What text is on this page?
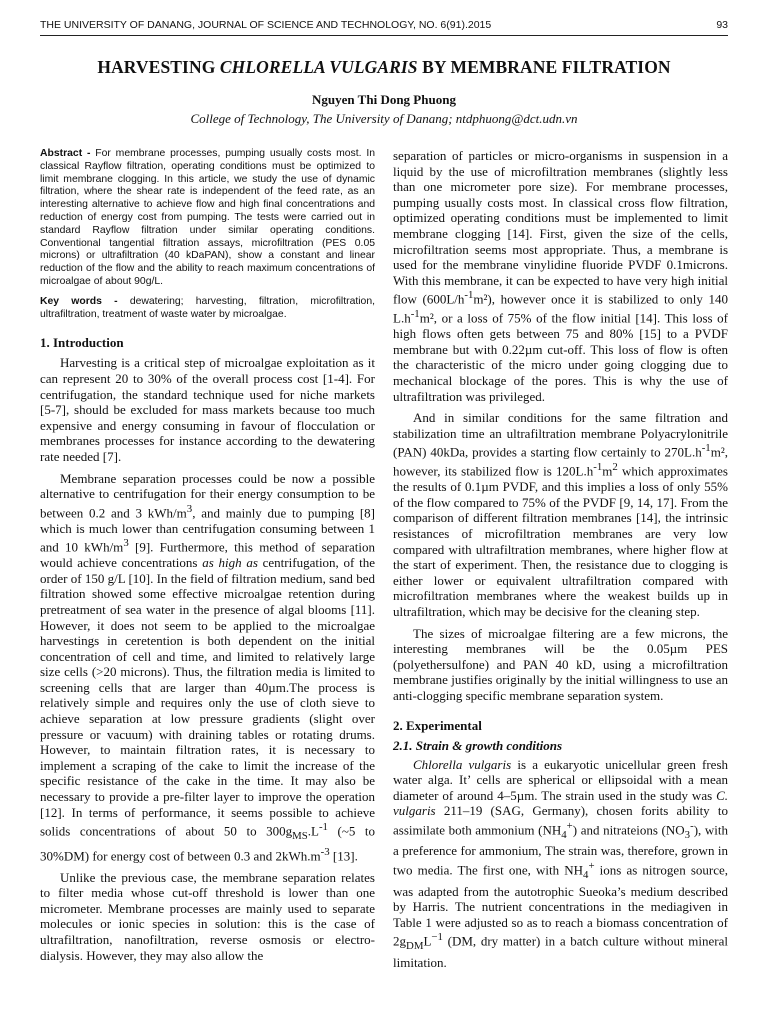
THE UNIVERSITY OF DANANG, JOURNAL OF SCIENCE AND TECHNOLOGY, NO. 6(91).2015	93
HARVESTING CHLORELLA VULGARIS BY MEMBRANE FILTRATION
Nguyen Thi Dong Phuong
College of Technology, The University of Danang; ntdphuong@dct.udn.vn

Abstract - For membrane processes, pumping usually costs most. In classical Rayflow filtration, operating conditions must be optimized to limit membrane clogging. In this article, we study the use of dynamic filtration, where the shear rate is independent of the feed rate, as an interesting alternative to achieve flow and high final concentrations and reduction of energy cost from pumping. The tests were carried out in standard Rayflow filtration under similar operating conditions. Conventional tangential filtration assays, microfiltration (PES 0.05 microns) or ultrafiltration (40 kDaPAN), show a constant and linear reduction of the flow and the ability to reach maximum concentrations of microalgae of about 90g/L.

Key words - dewatering; harvesting, filtration, microfiltration, ultrafiltration, treatment of waste water by microalgae.

1. Introduction

Harvesting is a critical step of microalgae exploitation as it can represent 20 to 30% of the overall process cost [1-4]. For centrifugation, the standard technique used for niche markets [5-7], should be excluded for mass markets because too much expensive and energy consuming in favour of flocculation or membranes processes for instance according to the dewatering rate needed [7].

Membrane separation processes could be now a possible alternative to centrifugation for their energy consumption to be between 0.2 and 3 kWh/$m^3$, and mainly due to pumping [8] which is much lower than centrifugation consuming between 1 and 10 kWh/$m^3$ [9]. Furthermore, this method of separation would achieve concentrations as high as centrifugation, of the order of 150 g/L [10]. In the field of filtration medium, sand bed filtration showed some effective microalgae retention during pretreatment of sea water in the presence of algal blooms [11]. However, it does not seem to be applied to the microalgae harvestings in ceretention is both dependent on the initial concentration of cell and time, and limited to relatively large size cells (>20 microns). Thus, the filtration media is limited to screening cells that are larger than 40µm.The process is relatively simple and requires only the use of cloth sieve to achieve separation at low pressure gradients (slight over pressure or vacuum) with draining tables or rotating drums. However, to maintain filtration rates, it is necessary to implement a scraping of the cake to limit the increase of the specific resistance of the cake in the time. It may also be necessary to provide a pre-filter layer to improve the operation [12]. In terms of performance, it seems possible to achieve solids concentrations of about 50 to $300g_{MS}.L^{-1}$ (~5 to 30%DM) for energy cost of between 0.3 and $2kWh.m^{-3}$ [13].

Unlike the previous case, the membrane separation relates to filter media whose cut-off threshold is lower than one micrometer. Membrane processes are mainly used to separate molecules or ionic species in solution: this is the case of ultrafiltration, nanofiltration, reverse osmosis or electro-dialysis. However, they may also allow the

separation of particles or micro-organisms in suspension in a liquid by the use of microfiltration membranes (slightly less than one micrometer pore size). For membrane processes, pumping usually costs most. In classical cross flow filtration, optimized operating conditions must be implemented to limit membrane clogging [14]. First, given the size of the cells, microfiltration seems most appropriate. Thus, a membrane is used for the membrane vinylidine fluoride PVDF 0.1microns. With this membrane, it can be expected to have very high initial flow $(600L/h^{-1}m^2)$, however once it is stabilized to only 140 $L.h^{-1}m^2$, or a loss of 75% of the flow initial [14]. This loss of high flows often gets between 75 and 80% [15] to a PVDF membrane but with 0.22µm cut-off. This loss of flow is often the characteristic of the micro under going clogging due to mechanical blockage of the pores. This is why the use of ultrafiltration was privileged.

And in similar conditions for the same filtration and stabilization time an ultrafiltration membrane Polyacrylonitrile (PAN) 40kDa, provides a starting flow certainly to $270L.h^{-1}m^2$, however, its stabilized flow is $120L.h^{-1}m^2$ which approximates the results of 0.1µm PVDF, and this implies a loss of only 55% of the flow compared to 75% of the PVDF [9, 14, 17]. From the comparison of different filtration membranes [14], the intrinsic resistances of microfiltration membranes are very low compared with ultrafiltration membranes, where higher flow at the start of experiment. Then, the resistance due to clogging is either lower or equivalent ultrafiltration compared with microfiltration membranes where the weakest builds up in ultrafiltration, which may be decisive for the cleaning step.

The sizes of microalgae filtering are a few microns, the interesting membranes will be the 0.05µm PES (polyethersulfone) and PAN 40 kD, using a microfiltration membrane justifies originally by the initial willingness to use an anti-clogging specific membrane separation system.

2. Experimental
2.1. Strain & growth conditions

Chlorella vulgaris is a eukaryotic unicellular green fresh water alga. It’ cells are spherical or ellipsoidal with a mean diameter of around 4–5µm. The strain used in the study was C. vulgaris 211–19 (SAG, Germany), chosen forits ability to assimilate both ammonium $(NH_4^+)$ and nitrateions $(NO_3^-)$, with a preference for ammonium, The strain was, therefore, grown in two media. The first one, with $NH_4^+$ ions as nitrogen source, was adapted from the autotrophic Sueoka’s medium described by Harris. The nutrient concentrations in the mediagiven in Table 1 were adjusted so as to reach a biomass concentration of $2g_{DM}L^{-1}$ (DM, dry matter) in a batch culture without mineral limitation.
